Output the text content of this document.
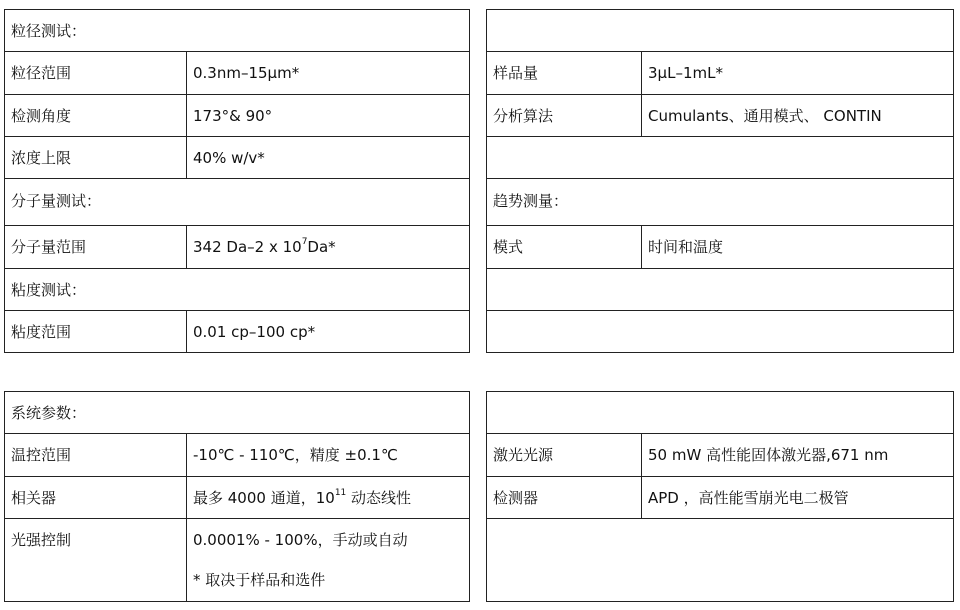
粒径测试：
粒径范围	0.3nm–15μm*
检测角度	173°& 90°
浓度上限	40% w/v*
分子量测试：
分子量范围	342 Da–2 x $10^7Da*$
粘度测试：
粘度范围	0.01 cp–100 cp*
样品量	3μL–1mL*
分析算法	Cumulants、通用模式、 CONTIN
趋势测量：
模式	时间和温度
系统参数：
温控范围	-10℃ - 110℃，精度 ±0.1℃
相关器	最多 4000 通道，$10^{11}$ 动态线性
光强控制	0.0001% - 100%，手动或自动
* 取决于样品和选件
激光光源	50 mW 高性能固体激光器,671 nm
检测器	APD ，高性能雪崩光电二极管
